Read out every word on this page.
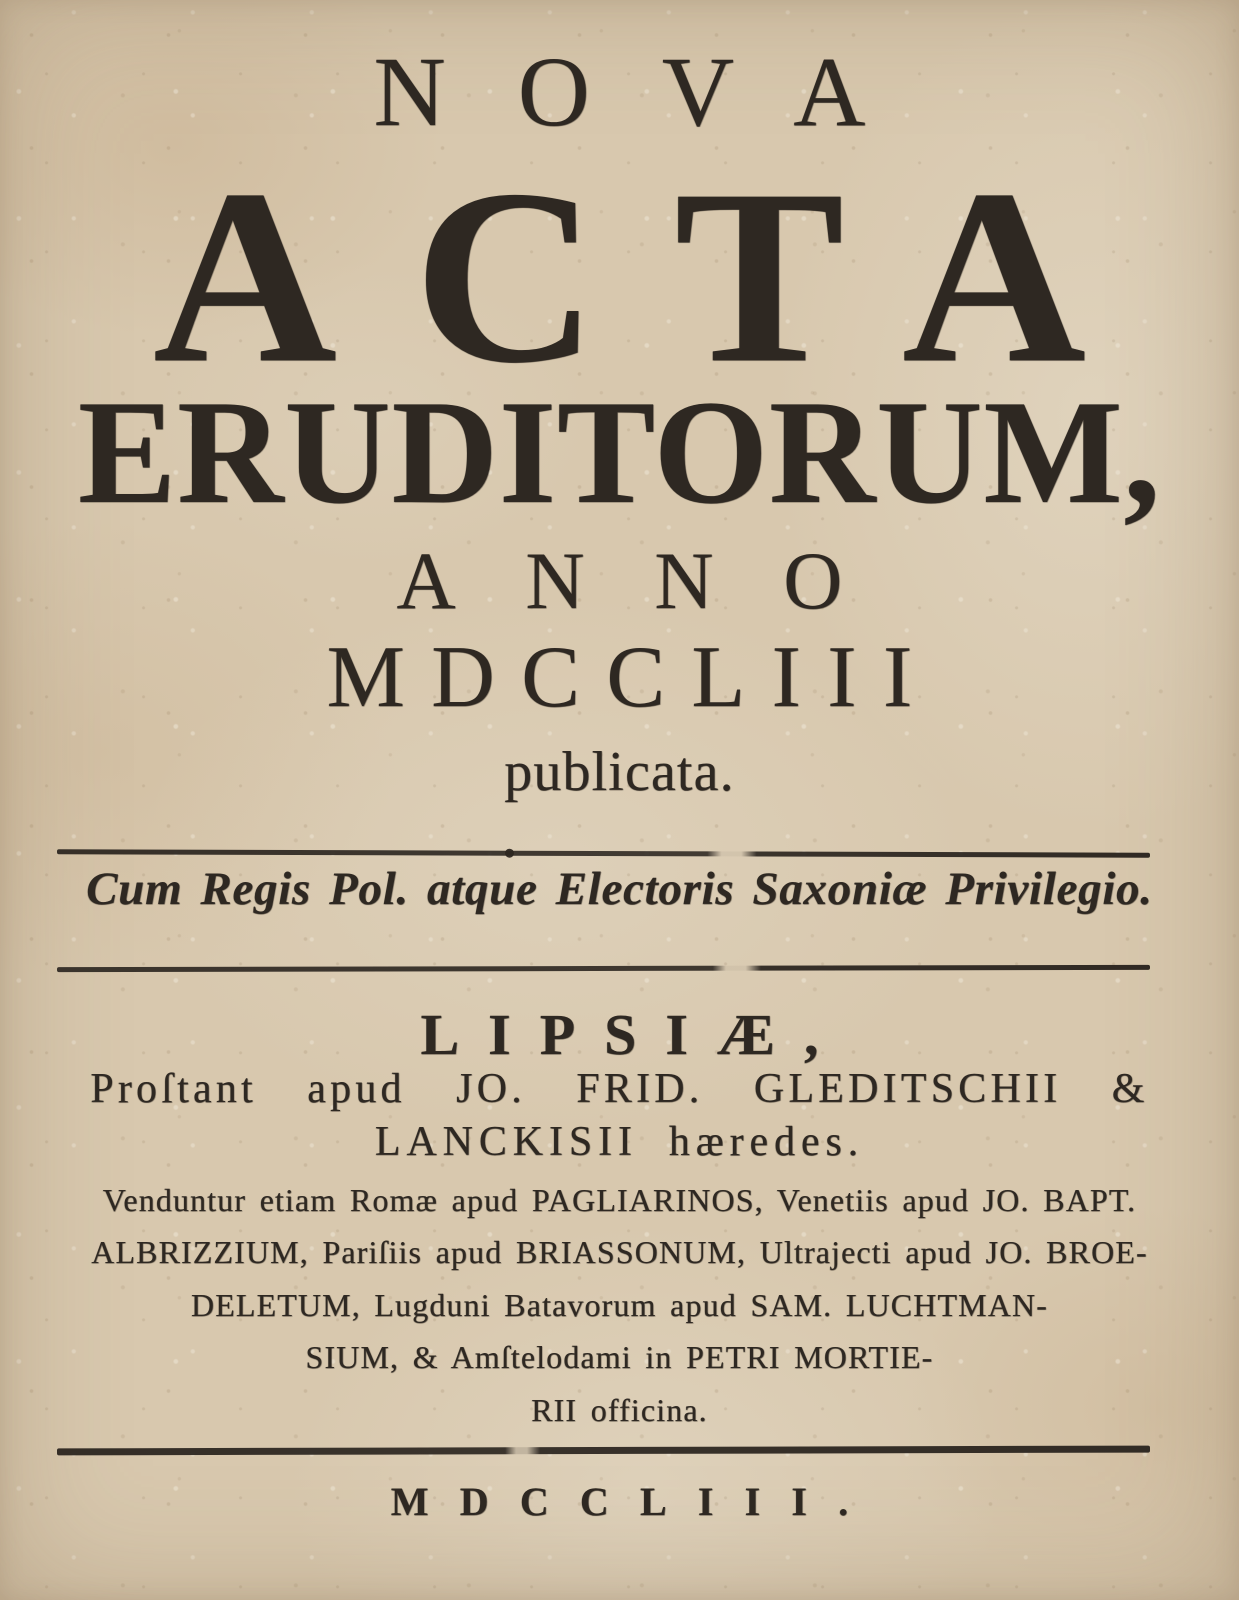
NOVA
ACTA
ERUDITORUM,
ANNO
MDCCLIII
publicata.
Cum Regis Pol. atque Electoris Saxoniæ Privilegio.
LIPSIÆ,
Proſtant apud JO. FRID. GLEDITSCHII &
LANCKISII hæredes.
Venduntur etiam Romæ apud PAGLIARINOS, Venetiis apud JO. BAPT.
ALBRIZZIUM, Pariſiis apud BRIASSONUM, Ultrajecti apud JO. BROE-
DELETUM, Lugduni Batavorum apud SAM. LUCHTMAN-
SIUM, & Amſtelodami in PETRI MORTIE-
RII officina.
MDCCLIII.
